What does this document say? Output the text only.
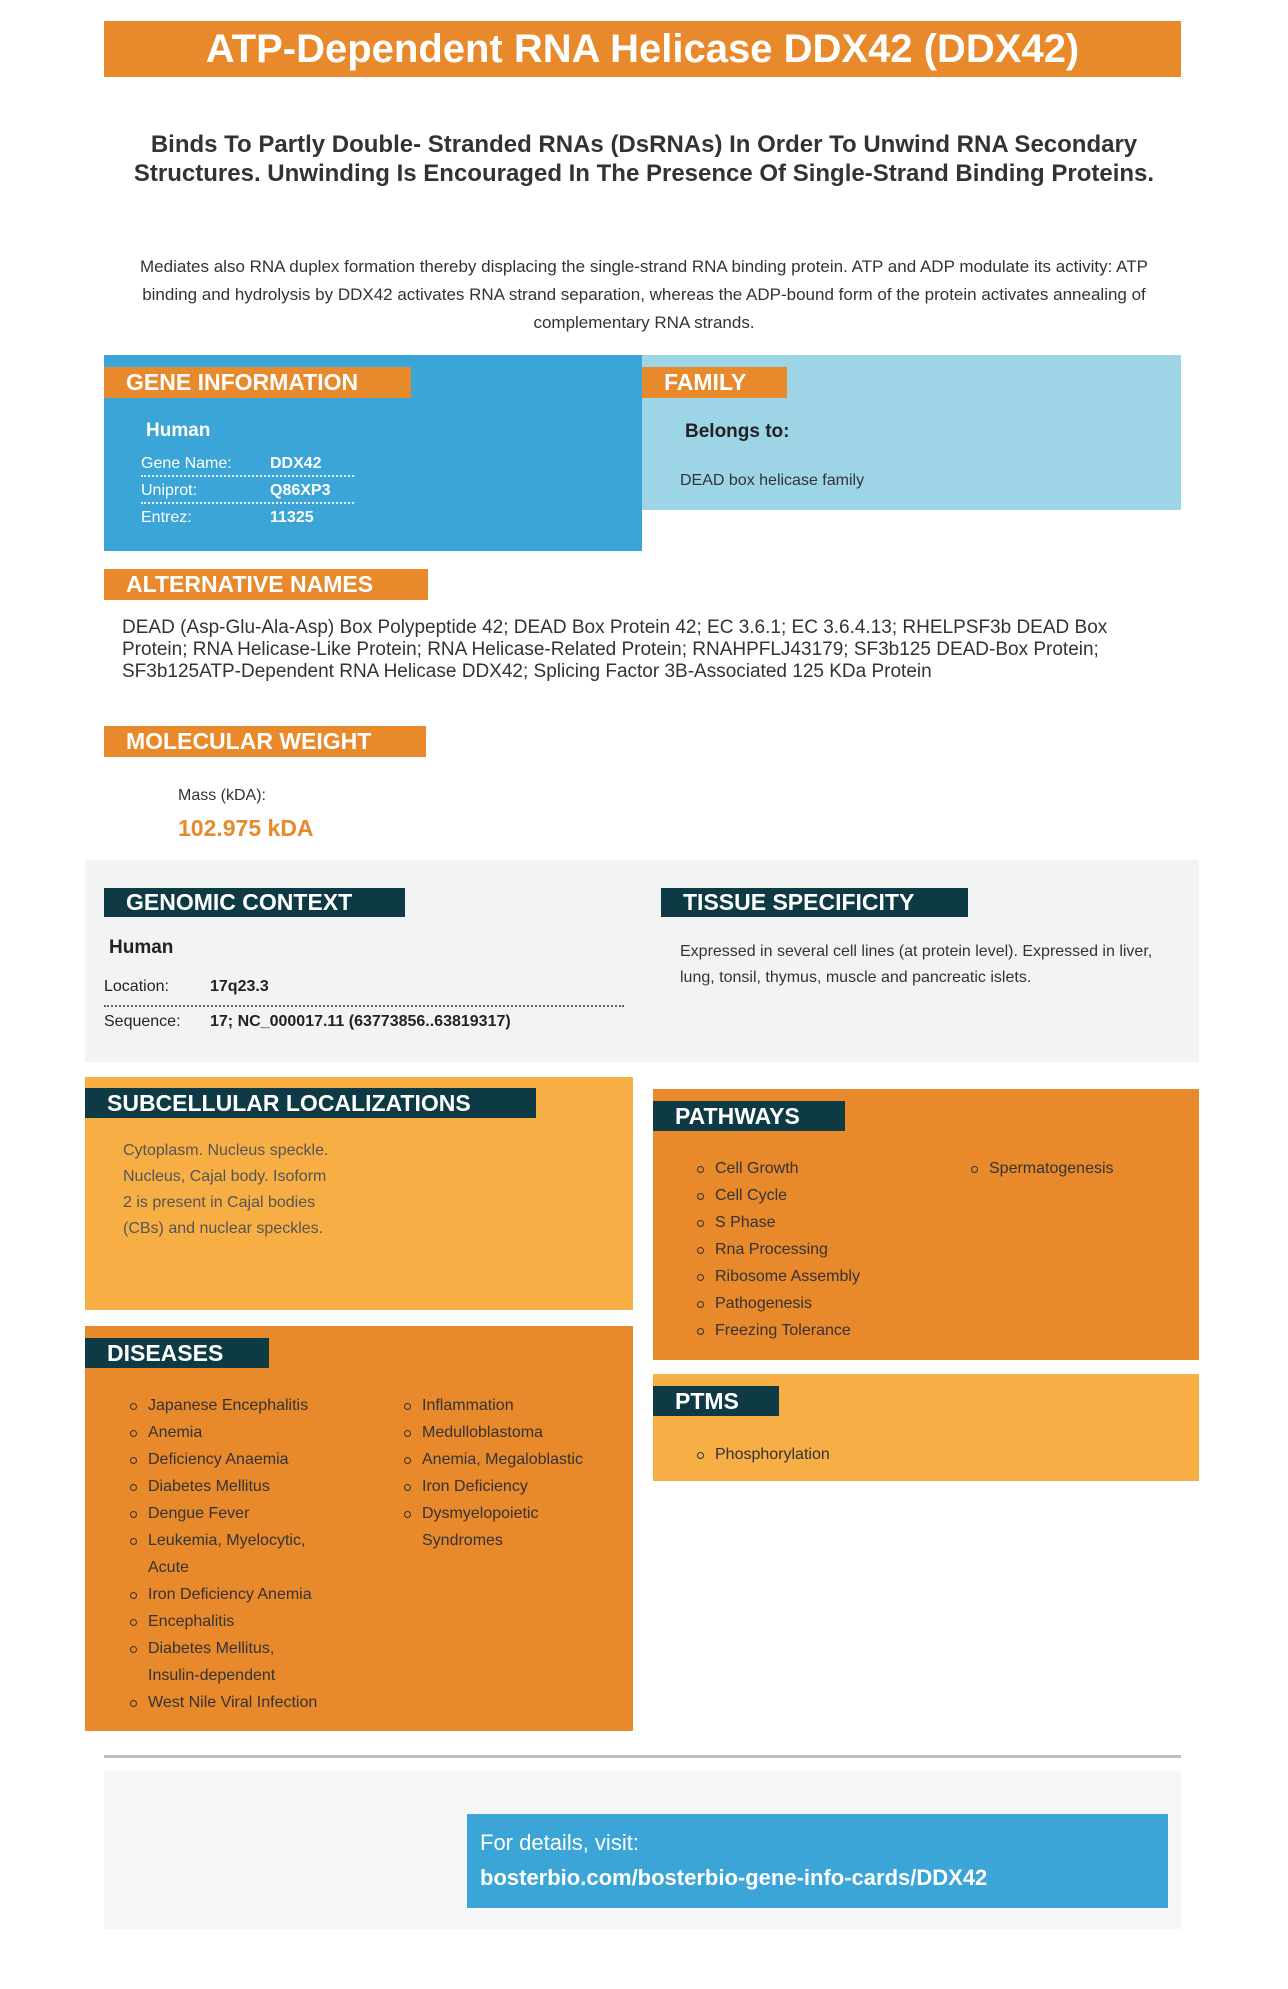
ATP-Dependent RNA Helicase DDX42 (DDX42)
Binds To Partly Double- Stranded RNAs (DsRNAs) In Order To Unwind RNA Secondary Structures. Unwinding Is Encouraged In The Presence Of Single-Strand Binding Proteins.
Mediates also RNA duplex formation thereby displacing the single-strand RNA binding protein. ATP and ADP modulate its activity: ATP binding and hydrolysis by DDX42 activates RNA strand separation, whereas the ADP-bound form of the protein activates annealing of complementary RNA strands.
GENE INFORMATION	FAMILY
Human
Gene Name: DDX42
Uniprot:	Q86XP3
Entrez:	11325
Belongs to:
DEAD box helicase family
ALTERNATIVE NAMES
DEAD (Asp-Glu-Ala-Asp) Box Polypeptide 42; DEAD Box Protein 42; EC 3.6.1; EC 3.6.4.13; RHELPSF3b DEAD Box Protein; RNA Helicase-Like Protein; RNA Helicase-Related Protein; RNAHPFLJ43179; SF3b125 DEAD-Box Protein; SF3b125ATP-Dependent RNA Helicase DDX42; Splicing Factor 3B-Associated 125 KDa Protein
MOLECULAR WEIGHT
Mass (kDA):
102.975 kDA
GENOMIC CONTEXT	TISSUE SPECIFICITY
Human
Location:	17q23.3
Sequence: 17; NC_000017.11 (63773856..63819317)
Expressed in several cell lines (at protein level). Expressed in liver, lung, tonsil, thymus, muscle and pancreatic islets.
SUBCELLULAR LOCALIZATIONS
Cytoplasm. Nucleus speckle. Nucleus, Cajal body. Isoform 2 is present in Cajal bodies (CBs) and nuclear speckles.
DISEASES
Japanese Encephalitis
Anemia
Deficiency Anaemia
Diabetes Mellitus
Dengue Fever
Leukemia, Myelocytic, Acute
Iron Deficiency Anemia
Encephalitis
Diabetes Mellitus, Insulin-dependent
West Nile Viral Infection
Inflammation
Medulloblastoma
Anemia, Megaloblastic
Iron Deficiency
Dysmyelopoietic Syndromes
PATHWAYS
Cell Growth
Cell Cycle
S Phase
Rna Processing
Ribosome Assembly
Pathogenesis
Freezing Tolerance
Spermatogenesis
PTMS
Phosphorylation
For details, visit:
bosterbio.com/bosterbio-gene-info-cards/DDX42
